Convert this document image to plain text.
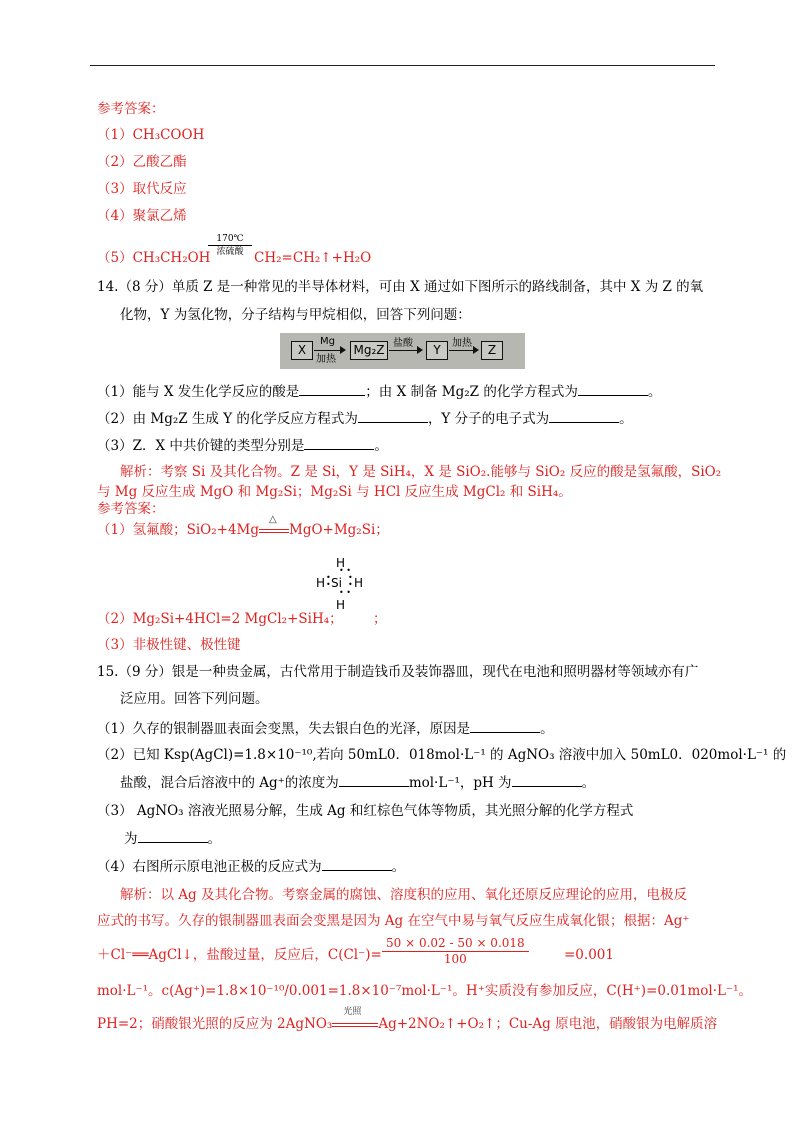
参考答案：
（1）CH₃COOH
（2）乙酸乙酯
（3）取代反应
（4）聚氯乙烯
（5）CH₃CH₂OH
170℃
浓硫酸 CH₂=CH₂↑+H₂O
14.（8 分）单质 Z 是一种常见的半导体材料，可由 X 通过如下图所示的路线制备，其中 X 为 Z 的氧
化物，Y 为氢化物，分子结构与甲烷相似，回答下列问题：
X
Mg
加热
Mg₂Z 盐酸	Y	加热	Z
（1）能与 X 发生化学反应的酸是	；由 X 制备 Mg₂Z 的化学方程式为	。
（2）由 Mg₂Z 生成 Y 的化学反应方程式为	，Y 分子的电子式为	。
（3）Z．X 中共价键的类型分别是	。
解析：考察 Si 及其化合物。Z 是 Si，Y 是 SiH₄，X 是 SiO₂.能够与 SiO₂ 反应的酸是氢氟酸，SiO₂
与 Mg 反应生成 MgO 和 Mg₂Si；Mg₂Si 与 HCl 反应生成 MgCl₂ 和 SiH₄。
参考答案：
（1）氢氟酸；SiO₂+4Mg
△
MgO+Mg₂Si；
H
• •
H •
• Si •
• H
• •
H
（2）Mg₂Si+4HCl=2 MgCl₂+SiH₄； ；
（3）非极性键、极性键
15.（9 分）银是一种贵金属，古代常用于制造钱币及装饰器皿，现代在电池和照明器材等领域亦有广
泛应用。回答下列问题。
（1）久存的银制器皿表面会变黑，失去银白色的光泽，原因是	。
（2）已知 Ksp(AgCl)=1.8×10⁻¹⁰,若向 50mL0．018mol·L⁻¹ 的 AgNO₃ 溶液中加入 50mL0．020mol·L⁻¹ 的
盐酸，混合后溶液中的 Ag⁺的浓度为	mol·L⁻¹，pH 为	。
（3） AgNO₃ 溶液光照易分解，生成 Ag 和红棕色气体等物质，其光照分解的化学方程式
为	。
（4）右图所示原电池正极的反应式为	。
解析：以 Ag 及其化合物。考察金属的腐蚀、溶度积的应用、氧化还原反应理论的应用，电极反
应式的书写。久存的银制器皿表面会变黑是因为 Ag 在空气中易与氧气反应生成氧化银；根据：Ag⁺
＋Cl⁻══AgCl↓，盐酸过量，反应后，$C(Cl^-)= \frac{50 \times 0.02 - 50 \times 0.018}{100}$	=0.001
mol·L⁻¹。c(Ag⁺)=1.8×10⁻¹⁰/0.001=1.8×10⁻⁷mol·L⁻¹。H⁺实质没有参加反应，C(H⁺)=0.01mol·L⁻¹。
PH=2；硝酸银光照的反应为 2AgNO₃
光照
Ag+2NO₂↑+O₂↑；Cu-Ag 原电池，硝酸银为电解质溶
